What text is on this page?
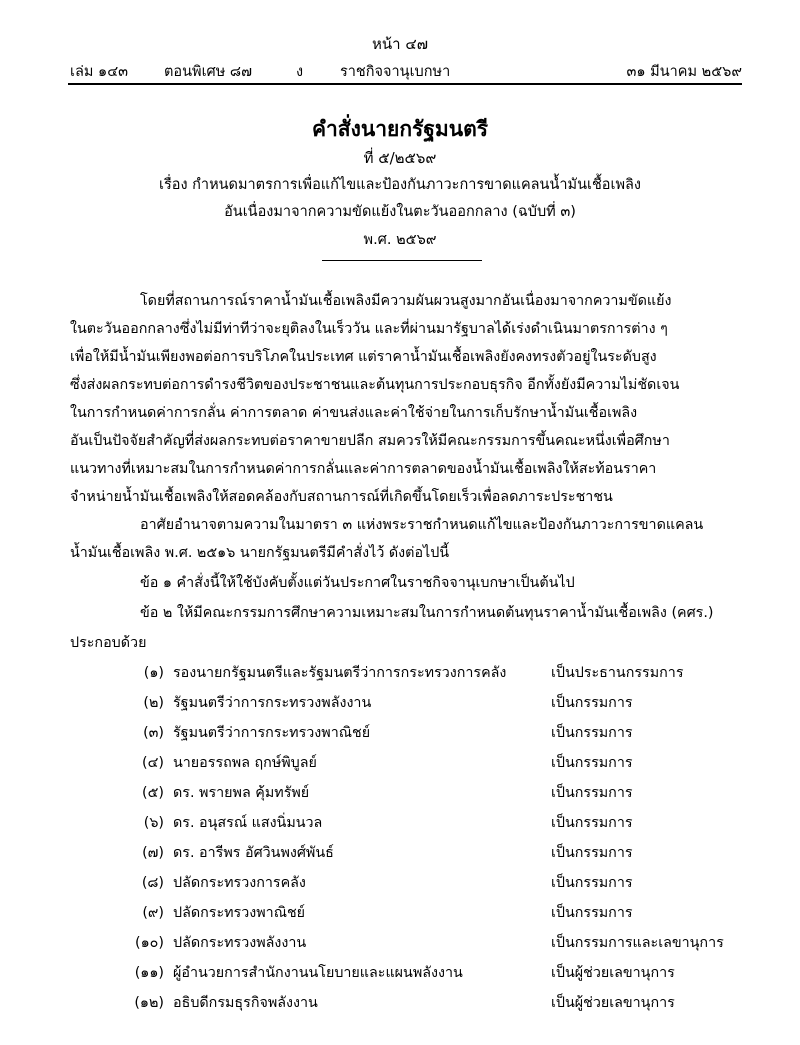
หน้า ๔๗
เล่ม ๑๔๓ ตอนพิเศษ ๘๗	ง	ราชกิจจานุเบกษา	๓๑ มีนาคม ๒๕๖๙
คำสั่งนายกรัฐมนตรี
ที่ ๕/๒๕๖๙
เรื่อง กำหนดมาตรการเพื่อแก้ไขและป้องกันภาวะการขาดแคลนน้ำมันเชื้อเพลิง
อันเนื่องมาจากความขัดแย้งในตะวันออกกลาง (ฉบับที่ ๓)
พ.ศ. ๒๕๖๙
โดยที่สถานการณ์ราคาน้ำมันเชื้อเพลิงมีความผันผวนสูงมากอันเนื่องมาจากความขัดแย้ง
ในตะวันออกกลางซึ่งไม่มีท่าทีว่าจะยุติลงในเร็ววัน และที่ผ่านมารัฐบาลได้เร่งดำเนินมาตรการต่าง ๆ
เพื่อให้มีน้ำมันเพียงพอต่อการบริโภคในประเทศ แต่ราคาน้ำมันเชื้อเพลิงยังคงทรงตัวอยู่ในระดับสูง
ซึ่งส่งผลกระทบต่อการดำรงชีวิตของประชาชนและต้นทุนการประกอบธุรกิจ อีกทั้งยังมีความไม่ชัดเจน
ในการกำหนดค่าการกลั่น ค่าการตลาด ค่าขนส่งและค่าใช้จ่ายในการเก็บรักษาน้ำมันเชื้อเพลิง
อันเป็นปัจจัยสำคัญที่ส่งผลกระทบต่อราคาขายปลีก สมควรให้มีคณะกรรมการขึ้นคณะหนึ่งเพื่อศึกษา
แนวทางที่เหมาะสมในการกำหนดค่าการกลั่นและค่าการตลาดของน้ำมันเชื้อเพลิงให้สะท้อนราคา
จำหน่ายน้ำมันเชื้อเพลิงให้สอดคล้องกับสถานการณ์ที่เกิดขึ้นโดยเร็วเพื่อลดภาระประชาชน
อาศัยอำนาจตามความในมาตรา ๓ แห่งพระราชกำหนดแก้ไขและป้องกันภาวะการขาดแคลน
น้ำมันเชื้อเพลิง พ.ศ. ๒๕๑๖ นายกรัฐมนตรีมีคำสั่งไว้ ดังต่อไปนี้
ข้อ ๑ คำสั่งนี้ให้ใช้บังคับตั้งแต่วันประกาศในราชกิจจานุเบกษาเป็นต้นไป
ข้อ ๒ ให้มีคณะกรรมการศึกษาความเหมาะสมในการกำหนดต้นทุนราคาน้ำมันเชื้อเพลิง (คศร.)
ประกอบด้วย
(๑) รองนายกรัฐมนตรีและรัฐมนตรีว่าการกระทรวงการคลัง	เป็นประธานกรรมการ
(๒) รัฐมนตรีว่าการกระทรวงพลังงาน	เป็นกรรมการ
(๓) รัฐมนตรีว่าการกระทรวงพาณิชย์	เป็นกรรมการ
(๔) นายอรรถพล ฤกษ์พิบูลย์	เป็นกรรมการ
(๕) ดร. พรายพล คุ้มทรัพย์	เป็นกรรมการ
(๖) ดร. อนุสรณ์ แสงนิ่มนวล	เป็นกรรมการ
(๗) ดร. อารีพร อัศวินพงศ์พันธ์	เป็นกรรมการ
(๘) ปลัดกระทรวงการคลัง	เป็นกรรมการ
(๙) ปลัดกระทรวงพาณิชย์	เป็นกรรมการ
(๑๐) ปลัดกระทรวงพลังงาน	เป็นกรรมการและเลขานุการ
(๑๑) ผู้อำนวยการสำนักงานนโยบายและแผนพลังงาน	เป็นผู้ช่วยเลขานุการ
(๑๒) อธิบดีกรมธุรกิจพลังงาน	เป็นผู้ช่วยเลขานุการ
